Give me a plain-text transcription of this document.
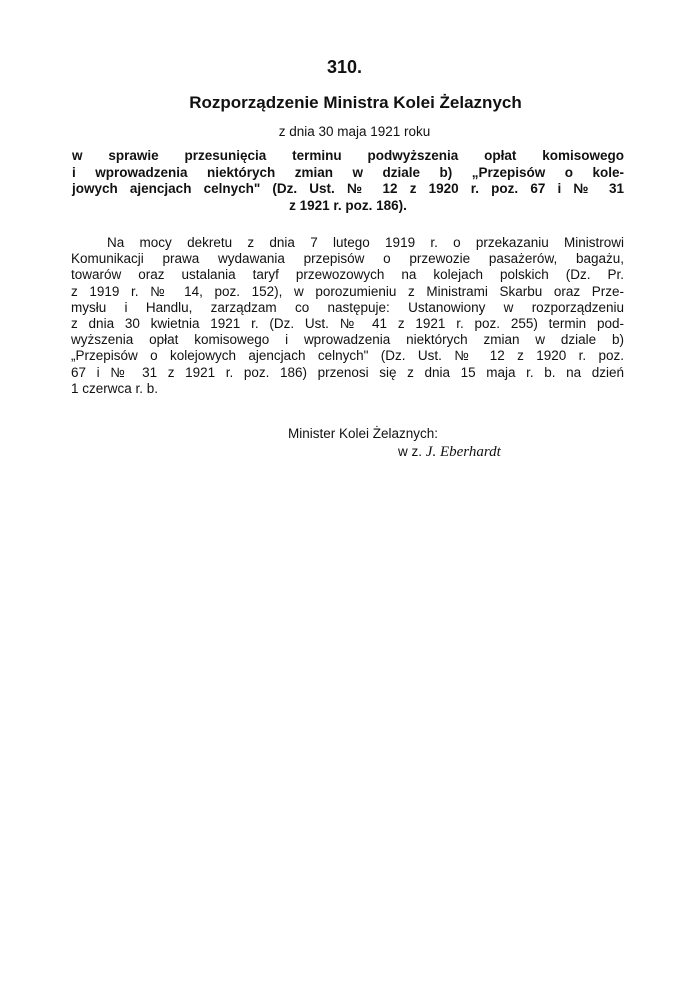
310.
Rozporządzenie Ministra Kolei Żelaznych
z dnia 30 maja 1921 roku
w sprawie przesunięcia terminu podwyższenia opłat komisowego
i wprowadzenia niektórych zmian w dziale b) „Przepisów o kole-
jowych ajencjach celnych" (Dz. Ust. № 12 z 1920 r. poz. 67 i № 31
z 1921 r. poz. 186).
Na mocy dekretu z dnia 7 lutego 1919 r. o przekazaniu Ministrowi
Komunikacji prawa wydawania przepisów o przewozie pasażerów, bagażu,
towarów oraz ustalania taryf przewozowych na kolejach polskich (Dz. Pr.
z 1919 r. № 14, poz. 152), w porozumieniu z Ministrami Skarbu oraz Prze-
mysłu i Handlu, zarządzam co następuje: Ustanowiony w rozporządzeniu
z dnia 30 kwietnia 1921 r. (Dz. Ust. № 41 z 1921 r. poz. 255) termin pod-
wyższenia opłat komisowego i wprowadzenia niektórych zmian w dziale b)
„Przepisów o kolejowych ajencjach celnych" (Dz. Ust. № 12 z 1920 r. poz.
67 i № 31 z 1921 r. poz. 186) przenosi się z dnia 15 maja r. b. na dzień
1 czerwca r. b.
Minister Kolei Żelaznych:
w z. J. Eberhardt
